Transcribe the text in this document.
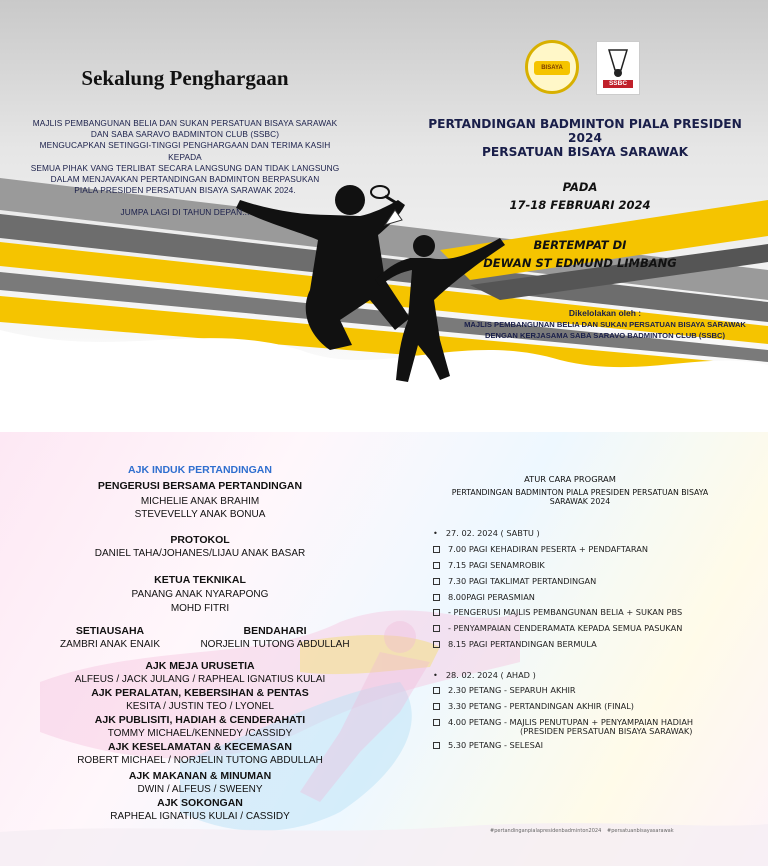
Sekalung Penghargaan
MAJLIS PEMBANGUNAN BELIA DAN SUKAN PERSATUAN BISAYA SARAWAK
DAN SABA SARAVO BADMINTON CLUB (SSBC)
MENGUCAPKAN SETINGGI-TINGGI PENGHARGAAN DAN TERIMA KASIH
KEPADA
SEMUA PIHAK VANG TERLIBAT SECARA LANGSUNG DAN TIDAK LANGSUNG
DALAM MENJAVAKAN PERTANDINGAN BADMINTON BERPASUKAN
PIALA PRESIDEN PERSATUAN BISAYA SARAWAK 2024.
JUMPA LAGI DI TAHUN DEPAN...
BISAYA
SSBC
PERTANDINGAN BADMINTON PIALA PRESIDEN 2024
PERSATUAN BISAYA SARAWAK
PADA
17-18 FEBRUARI 2024
BERTEMPAT DI
DEWAN ST EDMUND LIMBANG
Dikelolakan oleh :
MAJLIS PEMBANGUNAN BELIA DAN SUKAN PERSATUAN BISAYA SARAWAK
DENGAN KERJASAMA SABA SARAVO BADMINTON CLUB (SSBC)
AJK INDUK PERTANDINGAN
PENGERUSI BERSAMA PERTANDINGAN
MICHELIE ANAK BRAHIM
STEVEVELLY ANAK BONUA
PROTOKOL
DANIEL TAHA/JOHANES/LIJAU ANAK BASAR
KETUA TEKNIKAL
PANANG ANAK NYARAPONG
MOHD FITRI
SETIAUSAHA
ZAMBRI ANAK ENAIK
BENDAHARI
NORJELIN TUTONG ABDULLAH
AJK MEJA URUSETIA
ALFEUS / JACK JULANG / RAPHEAL IGNATIUS KULAI
AJK PERALATAN, KEBERSIHAN & PENTAS
KESITA / JUSTIN TEO / LYONEL
AJK PUBLISITI, HADIAH & CENDERAHATI
TOMMY MICHAEL/KENNEDY /CASSIDY
AJK KESELAMATAN & KECEMASAN
ROBERT MICHAEL / NORJELIN TUTONG ABDULLAH
AJK MAKANAN & MINUMAN
DWIN / ALFEUS / SWEENY
AJK SOKONGAN
RAPHEAL IGNATIUS KULAI / CASSIDY
ATUR CARA PROGRAM
PERTANDINGAN BADMINTON PIALA PRESIDEN PERSATUAN BISAYA
SARAWAK 2024
• 27. 02. 2024 ( SABTU )
7.00 PAGI KEHADIRAN PESERTA + PENDAFTARAN
7.15 PAGI SENAMROBIK
7.30 PAGI TAKLIMAT PERTANDINGAN
8.00PAGI PERASMIAN
- PENGERUSI MAJLIS PEMBANGUNAN BELIA + SUKAN PBS
- PENYAMPAIAN CENDERAMATA KEPADA SEMUA PASUKAN
8.15 PAGI PERTANDINGAN BERMULA
• 28. 02. 2024 ( AHAD )
2.30 PETANG - SEPARUH AKHIR
3.30 PETANG - PERTANDINGAN AKHIR (FINAL)
4.00 PETANG - MAJLIS PENUTUPAN + PENYAMPAIAN HADIAH
(PRESIDEN PERSATUAN BISAYA SARAWAK)
5.30 PETANG - SELESAI
#pertandinganpialapresidenbadminton2024 #persatuanbisayasarawak
